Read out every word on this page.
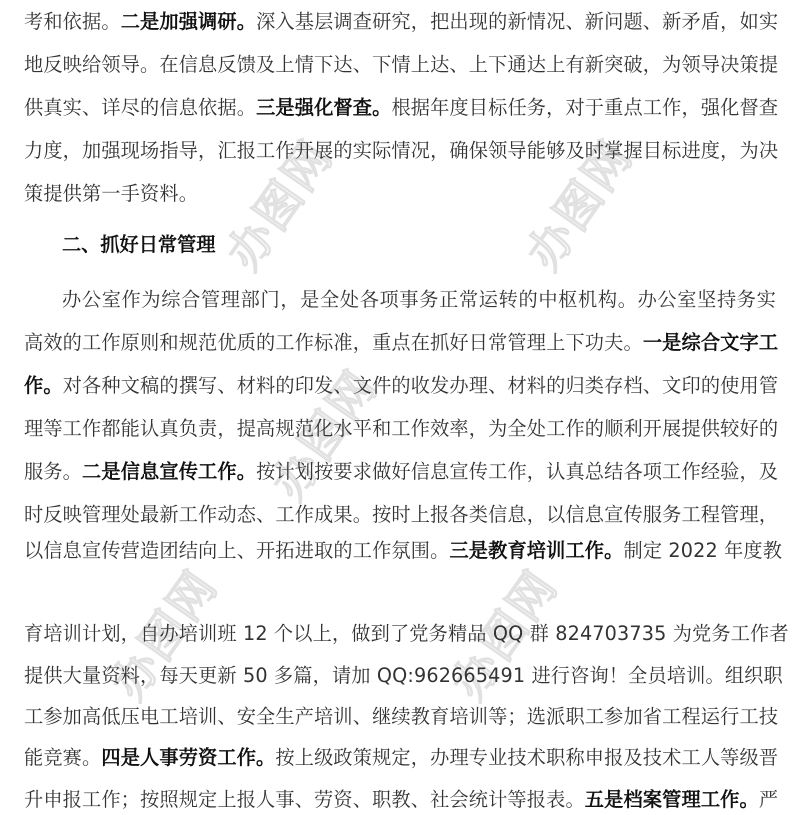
办图网	办图网
办图网
办图网	办图网
考和依据。二是加强调研。深入基层调查研究，把出现的新情况、新问题、新矛盾，如实
地反映给领导。在信息反馈及上情下达、下情上达、上下通达上有新突破，为领导决策提
供真实、详尽的信息依据。三是强化督查。根据年度目标任务，对于重点工作，强化督查
力度，加强现场指导，汇报工作开展的实际情况，确保领导能够及时掌握目标进度，为决
策提供第一手资料。
二、抓好日常管理
办公室作为综合管理部门，是全处各项事务正常运转的中枢机构。办公室坚持务实
高效的工作原则和规范优质的工作标准，重点在抓好日常管理上下功夫。一是综合文字工
作。对各种文稿的撰写、材料的印发、文件的收发办理、材料的归类存档、文印的使用管
理等工作都能认真负责，提高规范化水平和工作效率，为全处工作的顺利开展提供较好的
服务。二是信息宣传工作。按计划按要求做好信息宣传工作，认真总结各项工作经验，及
时反映管理处最新工作动态、工作成果。按时上报各类信息，以信息宣传服务工程管理，
以信息宣传营造团结向上、开拓进取的工作氛围。三是教育培训工作。制定 2022 年度教
育培训计划，自办培训班 12 个以上，做到了党务精品 QQ 群 824703735 为党务工作者
提供大量资料，每天更新 50 多篇，请加 QQ:962665491 进行咨询！全员培训。组织职
工参加高低压电工培训、安全生产培训、继续教育培训等；选派职工参加省工程运行工技
能竞赛。四是人事劳资工作。按上级政策规定，办理专业技术职称申报及技术工人等级晋
升申报工作；按照规定上报人事、劳资、职教、社会统计等报表。五是档案管理工作。严
